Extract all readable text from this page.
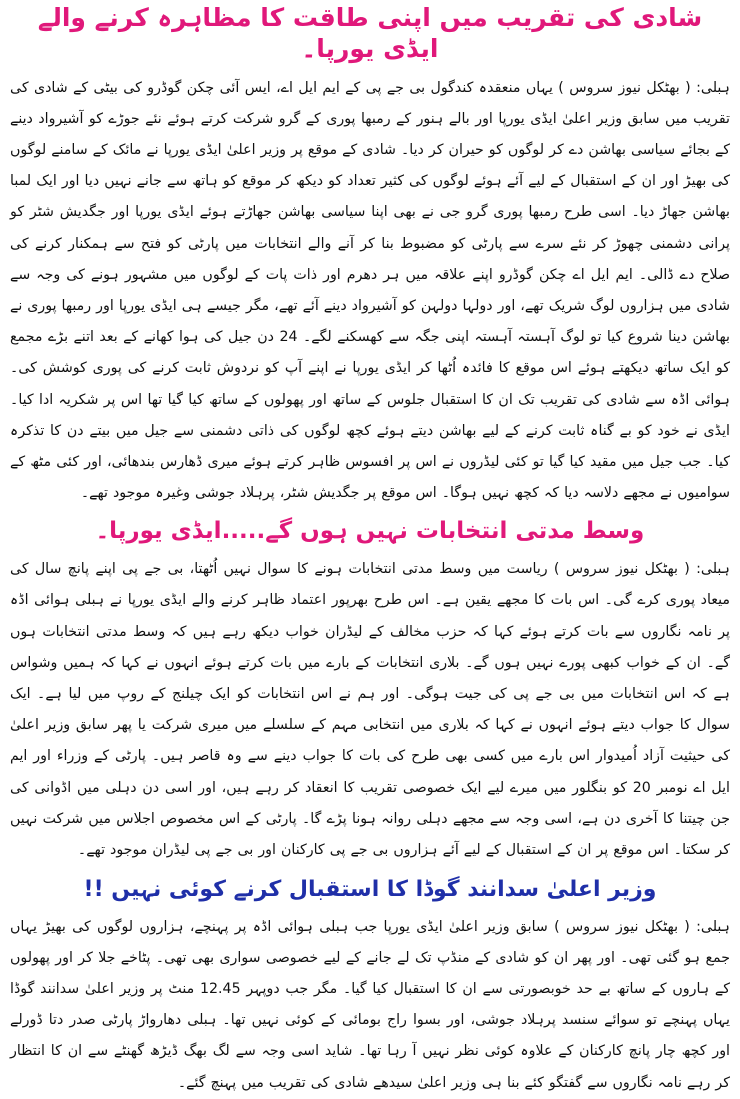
شادی کی تقریب میں اپنی طاقت کا مظاہرہ کرنے والے ایڈی یورپا۔

ہبلی: ( بھٹکل نیوز سروس ) یہاں منعقدہ کندگول بی جے پی کے ایم ایل اے، ایس آئی چکن گوڈرو کی بیٹی کے شادی کی تقریب میں سابق وزیر اعلیٰ ایڈی یورپا اور بالے ہنور کے رمبھا پوری کے گرو شرکت کرتے ہوئے نئے جوڑے کو آشیرواد دینے کے بجائے سیاسی بھاشن دے کر لوگوں کو حیران کر دیا۔ شادی کے موقع پر وزیر اعلیٰ ایڈی یورپا نے مائک کے سامنے لوگوں کی بھیڑ اور ان کے استقبال کے لیے آئے ہوئے لوگوں کی کثیر تعداد کو دیکھ کر موقع کو ہاتھ سے جانے نہیں دیا اور ایک لمبا بھاشن جھاڑ دیا۔ اسی طرح رمبھا پوری گرو جی نے بھی اپنا سیاسی بھاشن جھاڑتے ہوئے ایڈی یورپا اور جگدیش شٹر کو پرانی دشمنی چھوڑ کر نئے سرے سے پارٹی کو مضبوط بنا کر آنے والے انتخابات میں پارٹی کو فتح سے ہمکنار کرنے کی صلاح دے ڈالی۔ ایم ایل اے چکن گوڈرو اپنے علاقہ میں ہر دھرم اور ذات پات کے لوگوں میں مشہور ہونے کی وجہ سے شادی میں ہزاروں لوگ شریک تھے، اور دولہا دولہن کو آشیرواد دینے آئے تھے، مگر جیسے ہی ایڈی یورپا اور رمبھا پوری نے بھاشن دینا شروع کیا تو لوگ آہستہ آہستہ اپنی جگہ سے کھسکنے لگے۔ 24 دن جیل کی ہوا کھانے کے بعد اتنے بڑے مجمع کو ایک ساتھ دیکھتے ہوئے اس موقع کا فائدہ اُٹھا کر ایڈی یورپا نے اپنے آپ کو نردوش ثابت کرنے کی پوری کوشش کی۔ ہوائی اڈہ سے شادی کی تقریب تک ان کا استقبال جلوس کے ساتھ اور پھولوں کے ساتھ کیا گیا تھا اس پر شکریہ ادا کیا۔ ایڈی نے خود کو بے گناہ ثابت کرنے کے لیے بھاشن دیتے ہوئے کچھ لوگوں کی ذاتی دشمنی سے جیل میں بیتے دن کا تذکرہ کیا۔ جب جیل میں مقید کیا گیا تو کئی لیڈروں نے اس پر افسوس ظاہر کرتے ہوئے میری ڈھارس بندھائی، اور کئی مٹھ کے سوامیوں نے مجھے دلاسہ دیا کہ کچھ نہیں ہوگا۔ اس موقع پر جگدیش شٹر، پرہلاد جوشی وغیرہ موجود تھے۔

وسط مدتی انتخابات نہیں ہوں گے.....ایڈی یورپا۔

ہبلی: ( بھٹکل نیوز سروس ) ریاست میں وسط مدتی انتخابات ہونے کا سوال نہیں اُٹھتا، بی جے پی اپنے پانچ سال کی میعاد پوری کرے گی۔ اس بات کا مجھے یقین ہے۔ اس طرح بھرپور اعتماد ظاہر کرنے والے ایڈی یورپا نے ہبلی ہوائی اڈہ پر نامہ نگاروں سے بات کرتے ہوئے کہا کہ حزب مخالف کے لیڈران خواب دیکھ رہے ہیں کہ وسط مدتی انتخابات ہوں گے۔ ان کے خواب کبھی پورے نہیں ہوں گے۔ بلاری انتخابات کے بارے میں بات کرتے ہوئے انہوں نے کہا کہ ہمیں وشواس ہے کہ اس انتخابات میں بی جے پی کی جیت ہوگی۔ اور ہم نے اس انتخابات کو ایک چیلنج کے روپ میں لیا ہے۔ ایک سوال کا جواب دیتے ہوئے انہوں نے کہا کہ بلاری میں انتخابی مہم کے سلسلے میں میری شرکت یا پھر سابق وزیر اعلیٰ کی حیثیت آزاد اُمیدوار اس بارے میں کسی بھی طرح کی بات کا جواب دینے سے وہ قاصر ہیں۔ پارٹی کے وزراء اور ایم ایل اے نومبر 20 کو بنگلور میں میرے لیے ایک خصوصی تقریب کا انعقاد کر رہے ہیں، اور اسی دن دہلی میں اڈوانی کی جن چیتنا کا آخری دن ہے، اسی وجہ سے مجھے دہلی روانہ ہونا پڑے گا۔ پارٹی کے اس مخصوص اجلاس میں شرکت نہیں کر سکتا۔ اس موقع پر ان کے استقبال کے لیے آئے ہزاروں بی جے پی کارکنان اور بی جے پی لیڈران موجود تھے۔

وزیر اعلیٰ سدانند گوڈا کا استقبال کرنے کوئی نہیں !!

ہبلی: ( بھٹکل نیوز سروس ) سابق وزیر اعلیٰ ایڈی یورپا جب ہبلی ہوائی اڈہ پر پہنچے، ہزاروں لوگوں کی بھیڑ یہاں جمع ہو گئی تھی۔ اور پھر ان کو شادی کے منڈپ تک لے جانے کے لیے خصوصی سواری بھی تھی۔ پٹاخے جلا کر اور پھولوں کے ہاروں کے ساتھ بے حد خوبصورتی سے ان کا استقبال کیا گیا۔ مگر جب دوپہر 12.45 منٹ پر وزیر اعلیٰ سدانند گوڈا یہاں پہنچے تو سوائے سنسد پرہلاد جوشی، اور بسوا راج بومائی کے کوئی نہیں تھا۔ ہبلی دھارواڑ پارٹی صدر دتا ڈورلے اور کچھ چار پانچ کارکنان کے علاوہ کوئی نظر نہیں آ رہا تھا۔ شاید اسی وجہ سے لگ بھگ ڈیڑھ گھنٹے سے ان کا انتظار کر رہے نامہ نگاروں سے گفتگو کئے بنا ہی وزیر اعلیٰ سیدھے شادی کی تقریب میں پہنچ گئے۔
